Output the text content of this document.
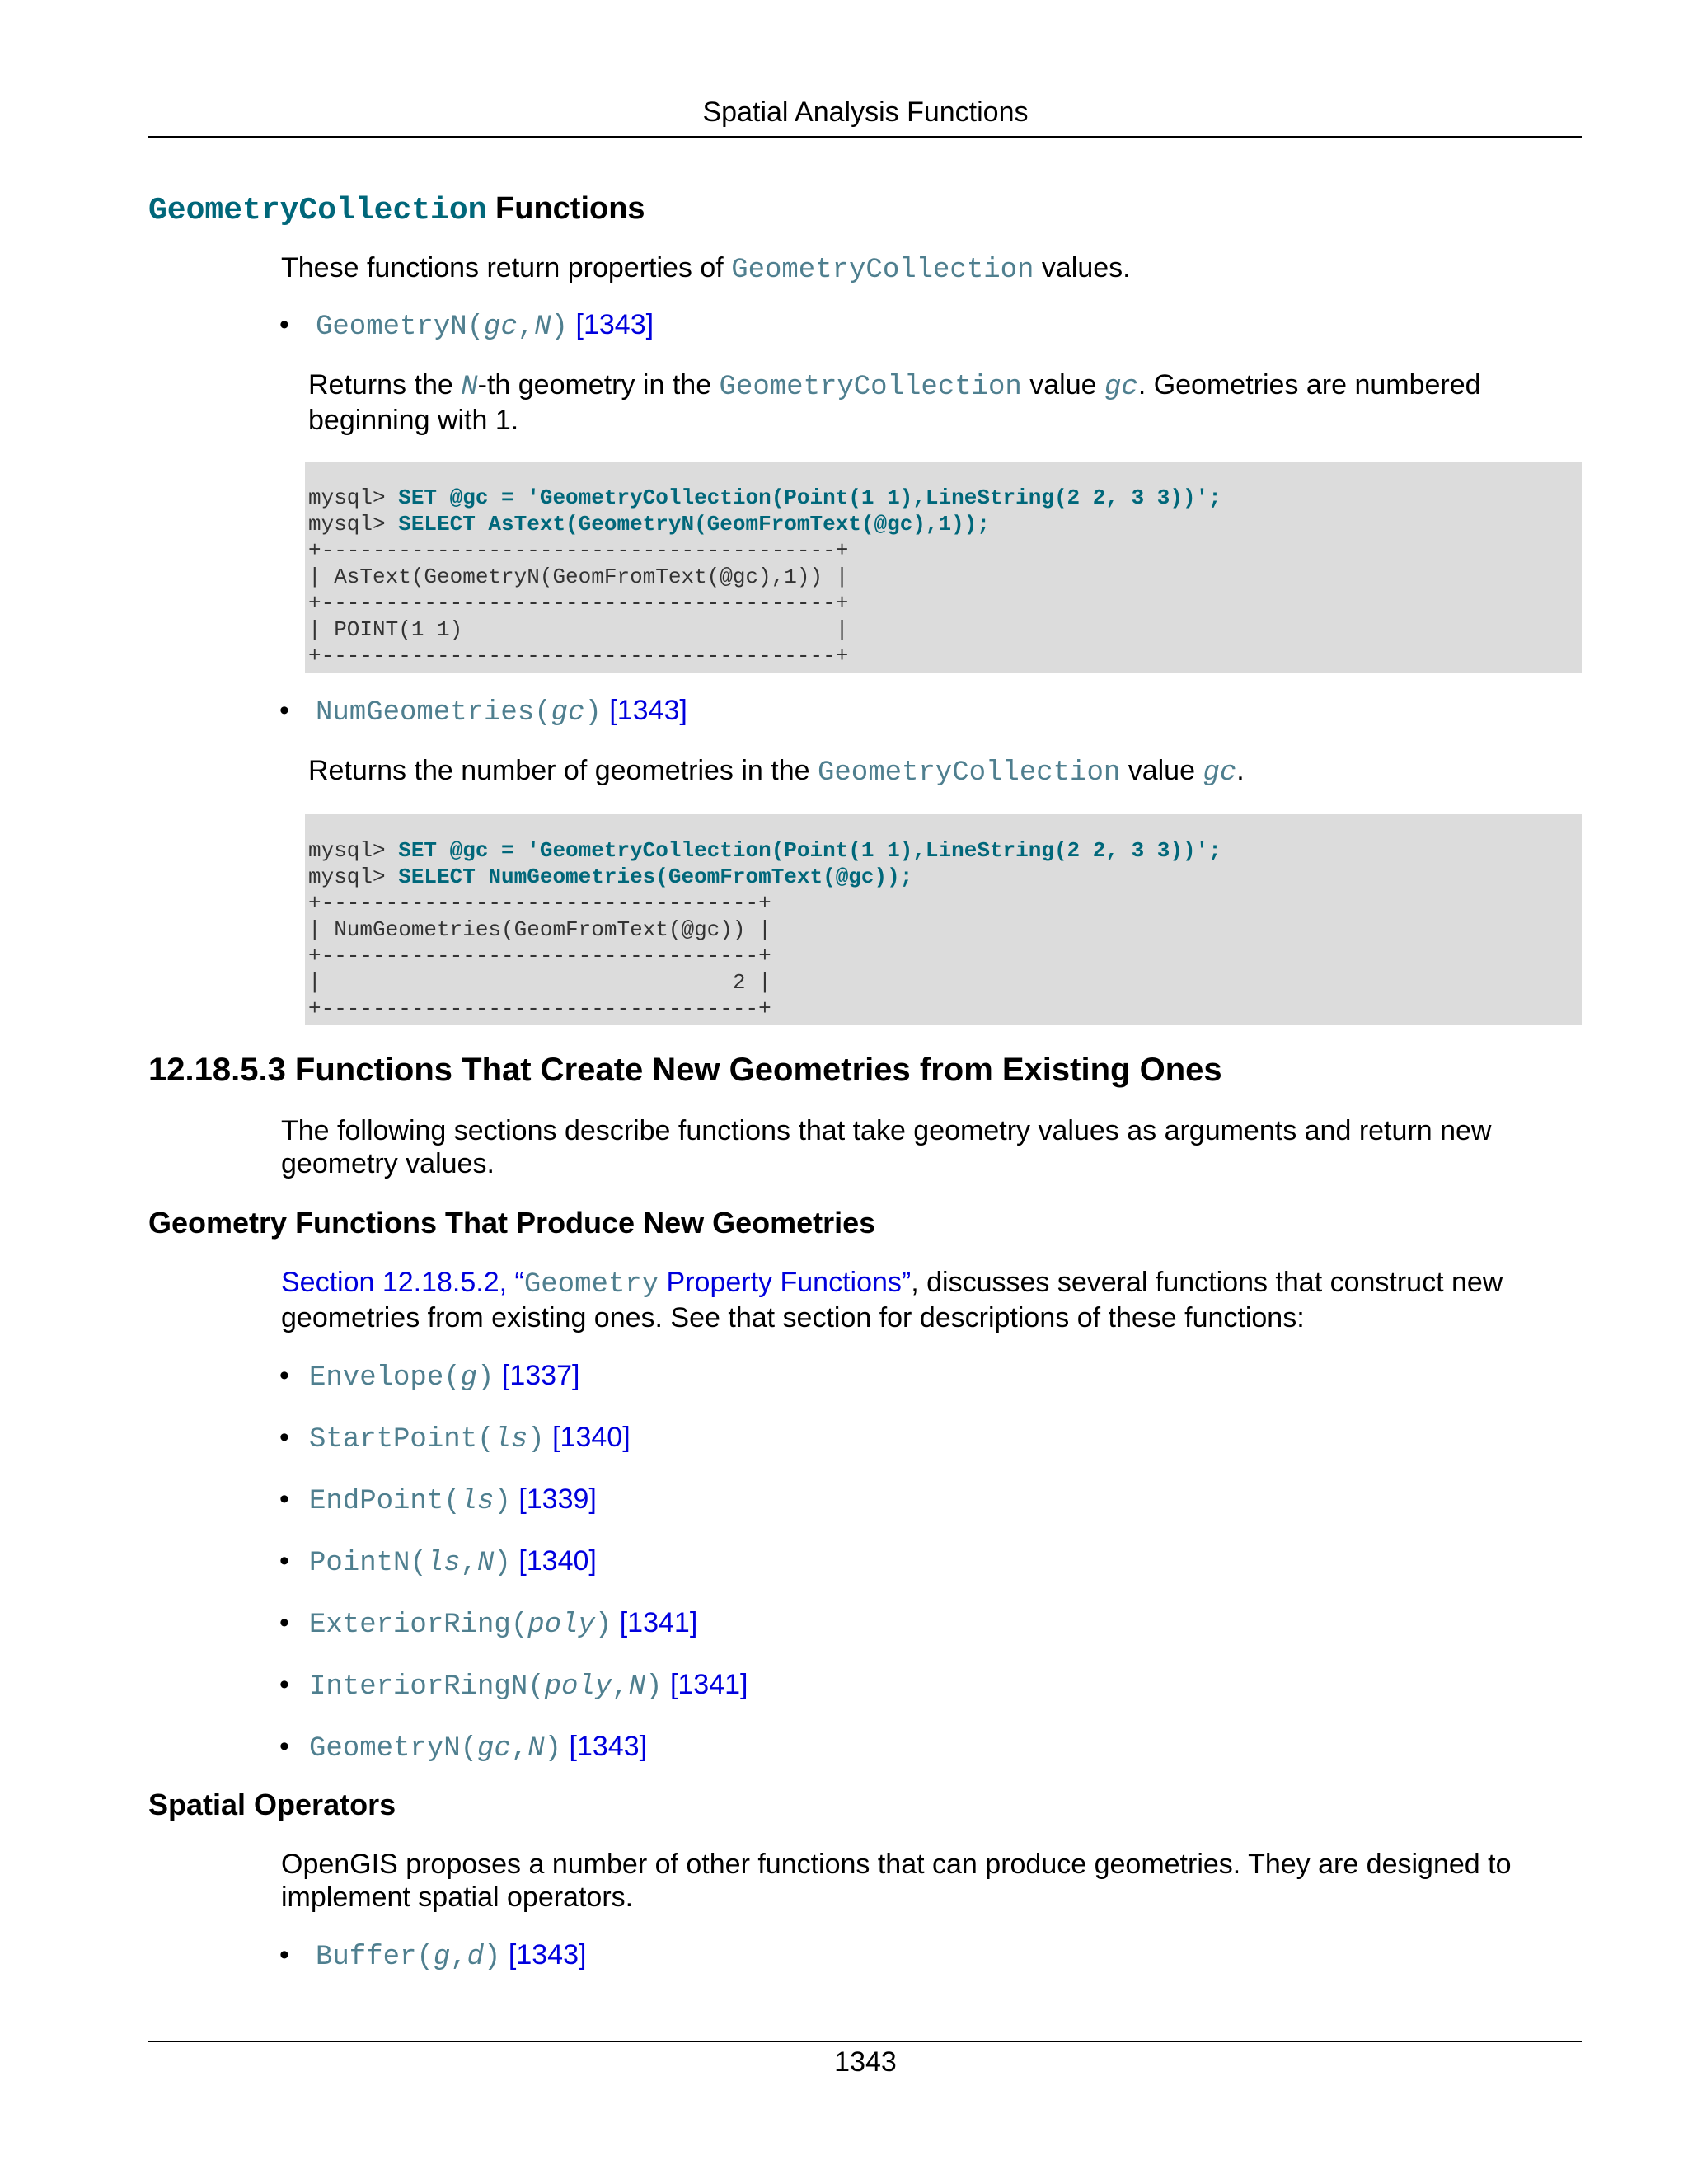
Spatial Analysis Functions
GeometryCollection Functions

These functions return properties of GeometryCollection values.

• GeometryN(gc,N) [1343]
Returns the N-th geometry in the GeometryCollection value gc. Geometries are numbered beginning with 1.
mysql> SET @gc = 'GeometryCollection(Point(1 1),LineString(2 2, 3 3))';
mysql> SELECT AsText(GeometryN(GeomFromText(@gc),1));
+----------------------------------------+
| AsText(GeometryN(GeomFromText(@gc),1)) |
+----------------------------------------+
| POINT(1 1)                             |
+----------------------------------------+
• NumGeometries(gc) [1343]
Returns the number of geometries in the GeometryCollection value gc.
mysql> SET @gc = 'GeometryCollection(Point(1 1),LineString(2 2, 3 3))';
mysql> SELECT NumGeometries(GeomFromText(@gc));
+----------------------------------+
| NumGeometries(GeomFromText(@gc)) |
+----------------------------------+
|                                2 |
+----------------------------------+
12.18.5.3 Functions That Create New Geometries from Existing Ones

The following sections describe functions that take geometry values as arguments and return new geometry values.

Geometry Functions That Produce New Geometries

Section 12.18.5.2, “Geometry Property Functions”, discusses several functions that construct new geometries from existing ones. See that section for descriptions of these functions:

• Envelope(g) [1337]
• StartPoint(ls) [1340]
• EndPoint(ls) [1339]
• PointN(ls,N) [1340]
• ExteriorRing(poly) [1341]
• InteriorRingN(poly,N) [1341]
• GeometryN(gc,N) [1343]
Spatial Operators

OpenGIS proposes a number of other functions that can produce geometries. They are designed to implement spatial operators.

• Buffer(g,d) [1343]
1343
